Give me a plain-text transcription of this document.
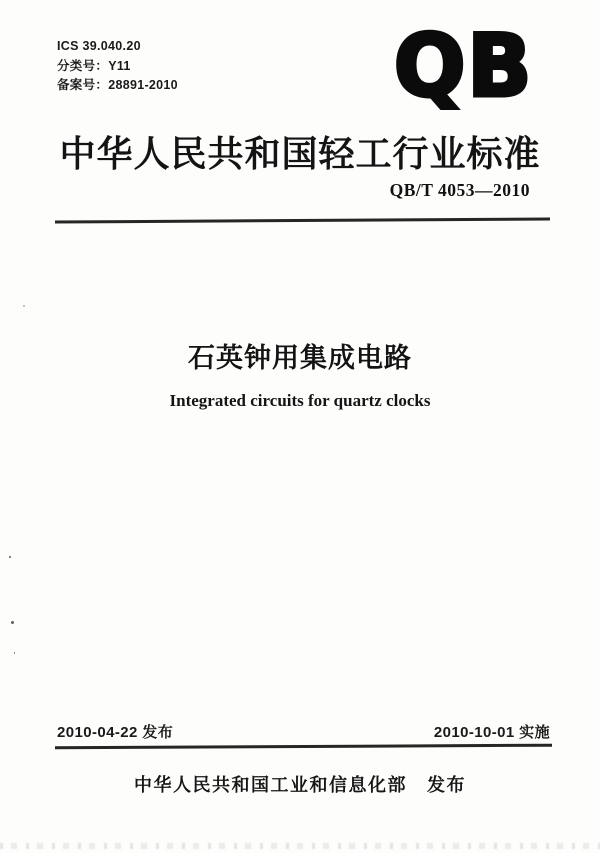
ICS 39.040.20
分类号：Y11
备案号：28891-2010	QB
中华人民共和国轻工行业标准
QB/T 4053—2010
石英钟用集成电路
Integrated circuits for quartz clocks
2010-04-22 发布	2010-10-01 实施
中华人民共和国工业和信息化部 发布
